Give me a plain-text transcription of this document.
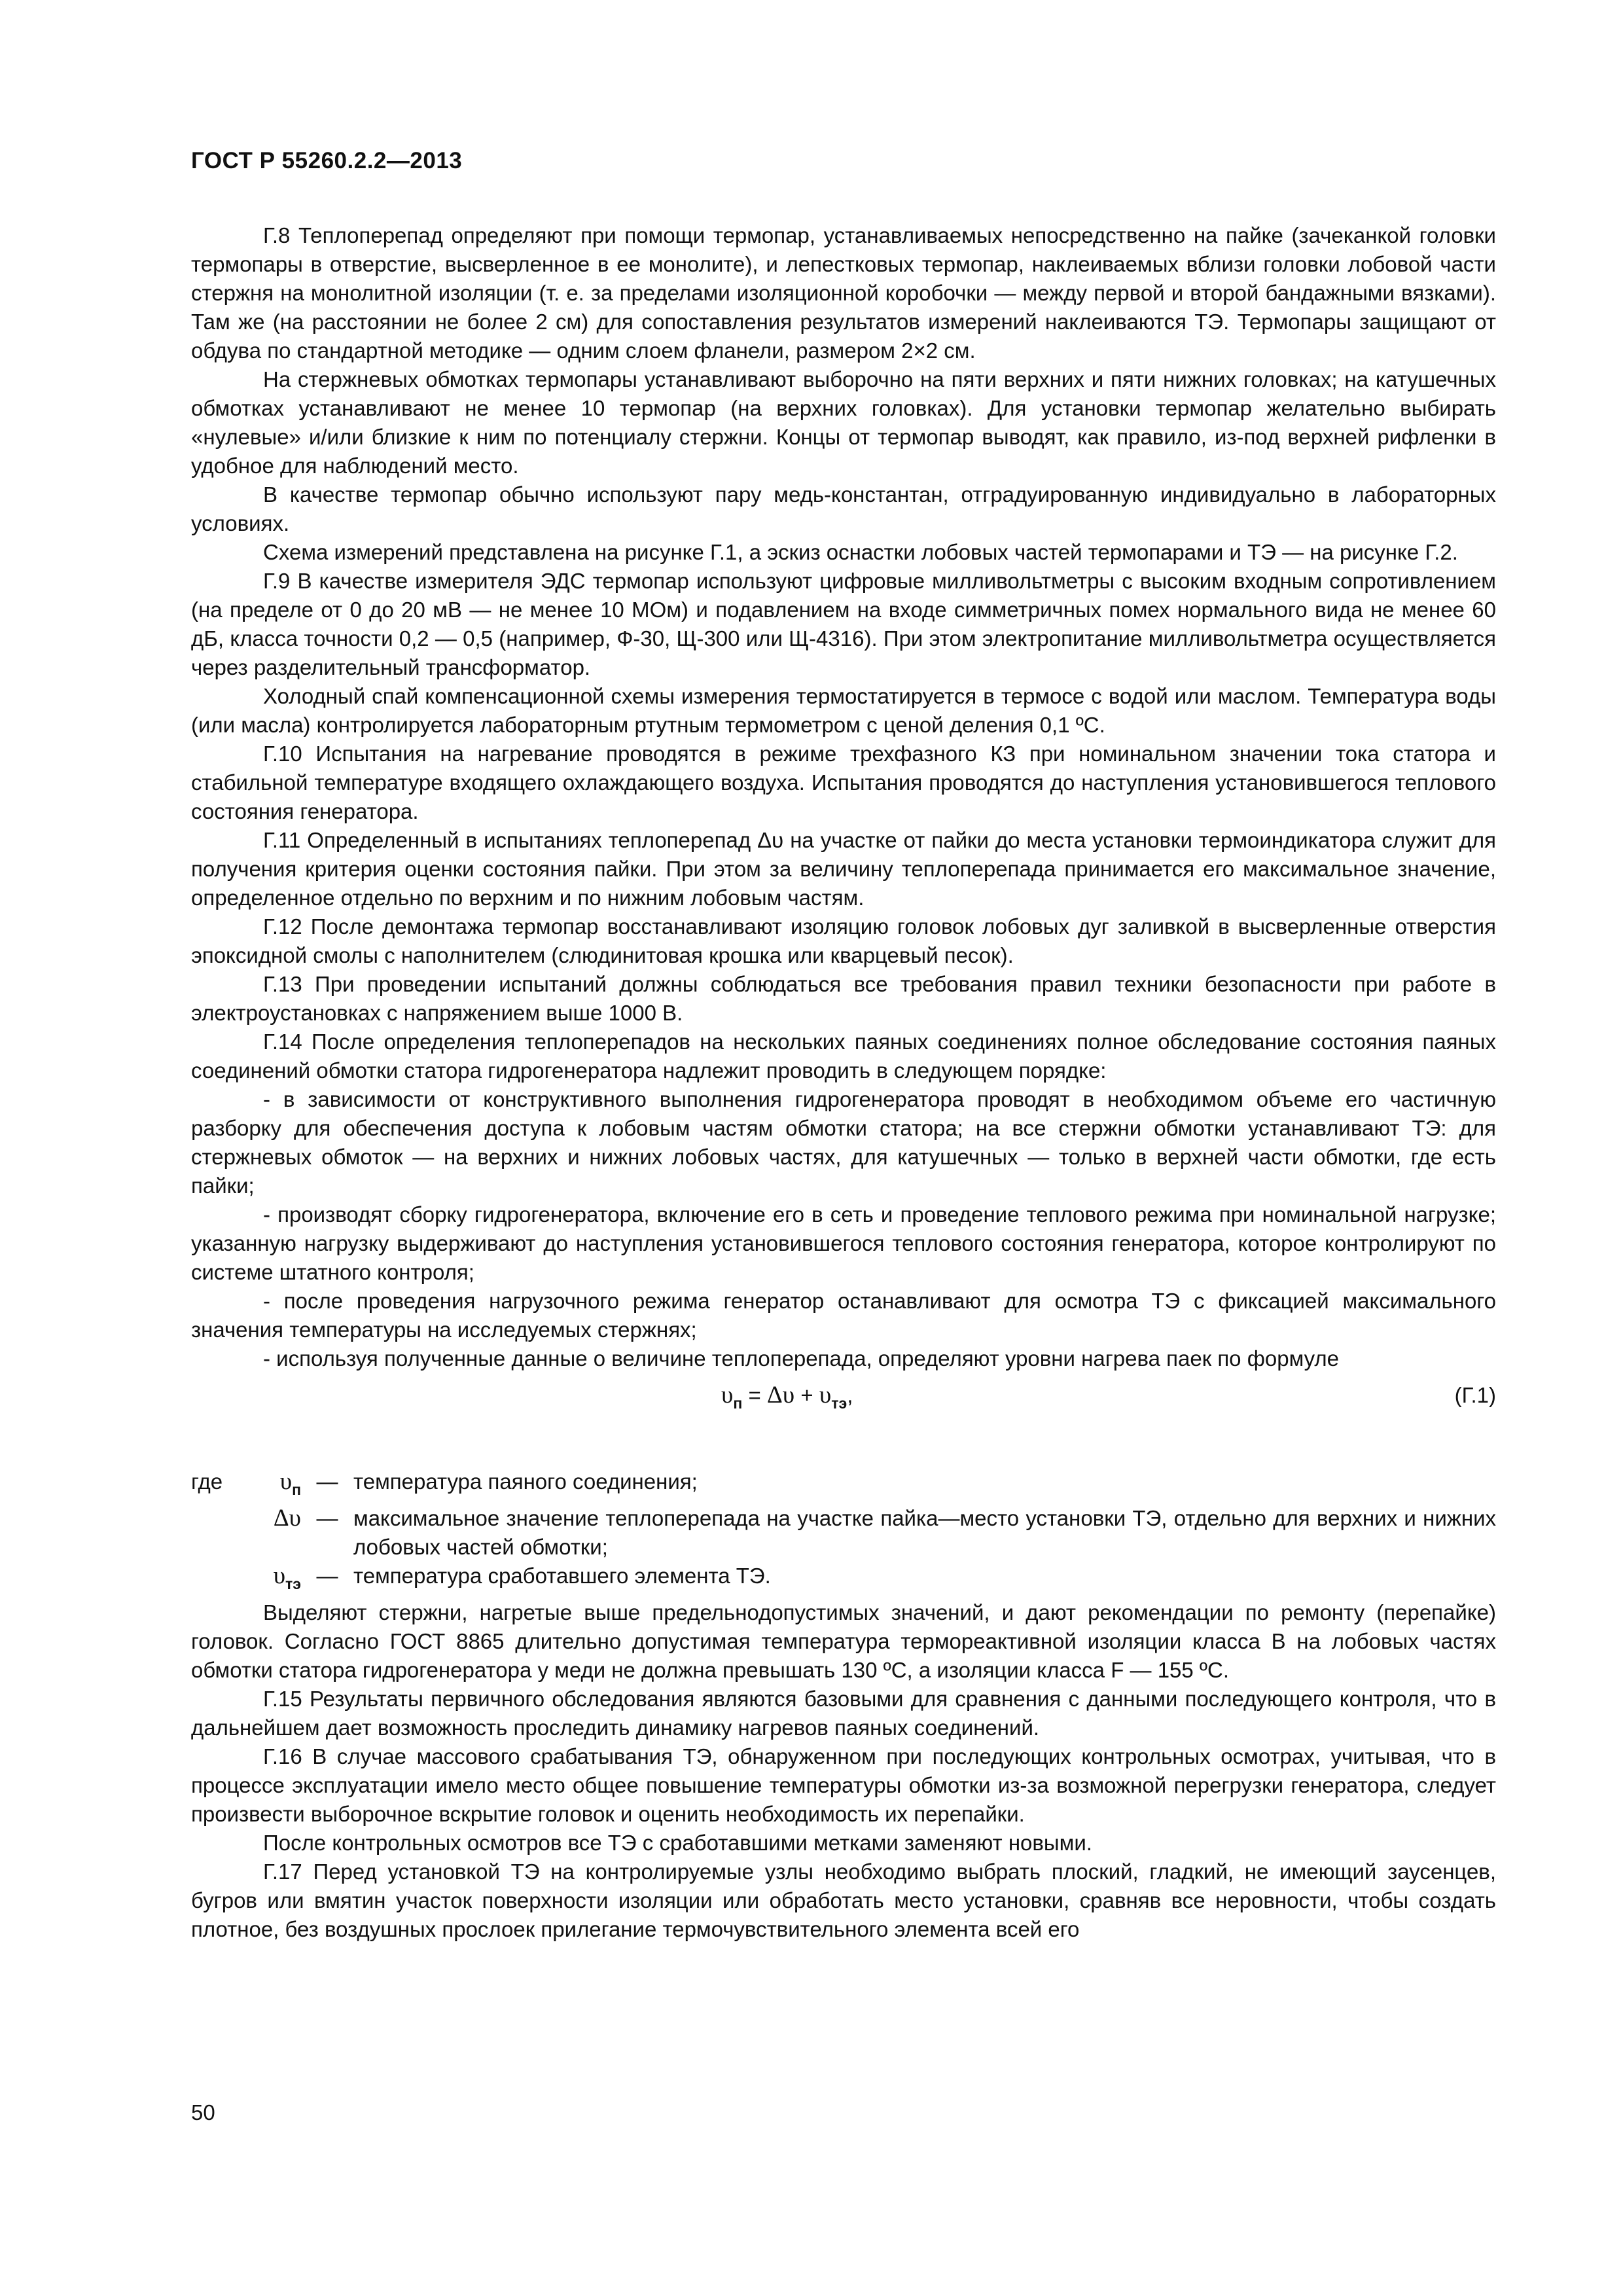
ГОСТ Р 55260.2.2—2013

Г.8 Теплоперепад определяют при помощи термопар, устанавливаемых непосредственно на пайке (зачеканкой головки термопары в отверстие, высверленное в ее монолите), и лепестковых термопар, наклеиваемых вблизи головки лобовой части стержня на монолитной изоляции (т. е. за пределами изоляционной коробочки — между первой и второй бандажными вязками). Там же (на расстоянии не более 2 см) для сопоставления результатов измерений наклеиваются ТЭ. Термопары защищают от обдува по стандартной методике — одним слоем фланели, размером 2×2 см.

На стержневых обмотках термопары устанавливают выборочно на пяти верхних и пяти нижних головках; на катушечных обмотках устанавливают не менее 10 термопар (на верхних головках). Для установки термопар желательно выбирать «нулевые» и/или близкие к ним по потенциалу стержни. Концы от термопар выводят, как правило, из-под верхней рифленки в удобное для наблюдений место.

В качестве термопар обычно используют пару медь-константан, отградуированную индивидуально в лабораторных условиях.

Схема измерений представлена на рисунке Г.1, а эскиз оснастки лобовых частей термопарами и ТЭ — на рисунке Г.2.

Г.9 В качестве измерителя ЭДС термопар используют цифровые милливольтметры с высоким входным сопротивлением (на пределе от 0 до 20 мВ — не менее 10 МОм) и подавлением на входе симметричных помех нормального вида не менее 60 дБ, класса точности 0,2 — 0,5 (например, Ф-30, Щ-300 или Щ-4316). При этом электропитание милливольтметра осуществляется через разделительный трансформатор.

Холодный спай компенсационной схемы измерения термостатируется в термосе с водой или маслом. Температура воды (или масла) контролируется лабораторным ртутным термометром с ценой деления 0,1 ºС.

Г.10 Испытания на нагревание проводятся в режиме трехфазного КЗ при номинальном значении тока статора и стабильной температуре входящего охлаждающего воздуха. Испытания проводятся до наступления установившегося теплового состояния генератора.

Г.11 Определенный в испытаниях теплоперепад Δυ на участке от пайки до места установки термоиндикатора служит для получения критерия оценки состояния пайки. При этом за величину теплоперепада принимается его максимальное значение, определенное отдельно по верхним и по нижним лобовым частям.

Г.12 После демонтажа термопар восстанавливают изоляцию головок лобовых дуг заливкой в высверленные отверстия эпоксидной смолы с наполнителем (слюдинитовая крошка или кварцевый песок).

Г.13 При проведении испытаний должны соблюдаться все требования правил техники безопасности при работе в электроустановках с напряжением выше 1000 В.

Г.14 После определения теплоперепадов на нескольких паяных соединениях полное обследование состояния паяных соединений обмотки статора гидрогенератора надлежит проводить в следующем порядке:

- в зависимости от конструктивного выполнения гидрогенератора проводят в необходимом объеме его частичную разборку для обеспечения доступа к лобовым частям обмотки статора; на все стержни обмотки устанавливают ТЭ: для стержневых обмоток — на верхних и нижних лобовых частях, для катушечных — только в верхней части обмотки, где есть пайки;

- производят сборку гидрогенератора, включение его в сеть и проведение теплового режима при номинальной нагрузке; указанную нагрузку выдерживают до наступления установившегося теплового состояния генератора, которое контролируют по системе штатного контроля;

- после проведения нагрузочного режима генератор останавливают для осмотра ТЭ с фиксацией максимального значения температуры на исследуемых стержнях;

- используя полученные данные о величине теплоперепада, определяют уровни нагрева паек по формуле

$\upsilon_п = \Delta\upsilon + \upsilon_{тэ}$,	(Г.1)
где	$\upsilon_п$ — температура паяного соединения;
Δυ — максимальное значение теплоперепада на участке пайка—место установки ТЭ, отдельно для верхних и нижних лобовых частей обмотки;
$\upsilon_{тэ}$ — температура сработавшего элемента ТЭ.

Выделяют стержни, нагретые выше предельнодопустимых значений, и дают рекомендации по ремонту (перепайке) головок. Согласно ГОСТ 8865 длительно допустимая температура термореактивной изоляции класса В на лобовых частях обмотки статора гидрогенератора у меди не должна превышать 130 ºС, а изоляции класса F — 155 ºС.

Г.15 Результаты первичного обследования являются базовыми для сравнения с данными последующего контроля, что в дальнейшем дает возможность проследить динамику нагревов паяных соединений.

Г.16 В случае массового срабатывания ТЭ, обнаруженном при последующих контрольных осмотрах, учитывая, что в процессе эксплуатации имело место общее повышение температуры обмотки из-за возможной перегрузки генератора, следует произвести выборочное вскрытие головок и оценить необходимость их перепайки.

После контрольных осмотров все ТЭ с сработавшими метками заменяют новыми.

Г.17 Перед установкой ТЭ на контролируемые узлы необходимо выбрать плоский, гладкий, не имеющий заусенцев, бугров или вмятин участок поверхности изоляции или обработать место установки, сравняв все неровности, чтобы создать плотное, без воздушных прослоек прилегание термочувствительного элемента всей его

50
